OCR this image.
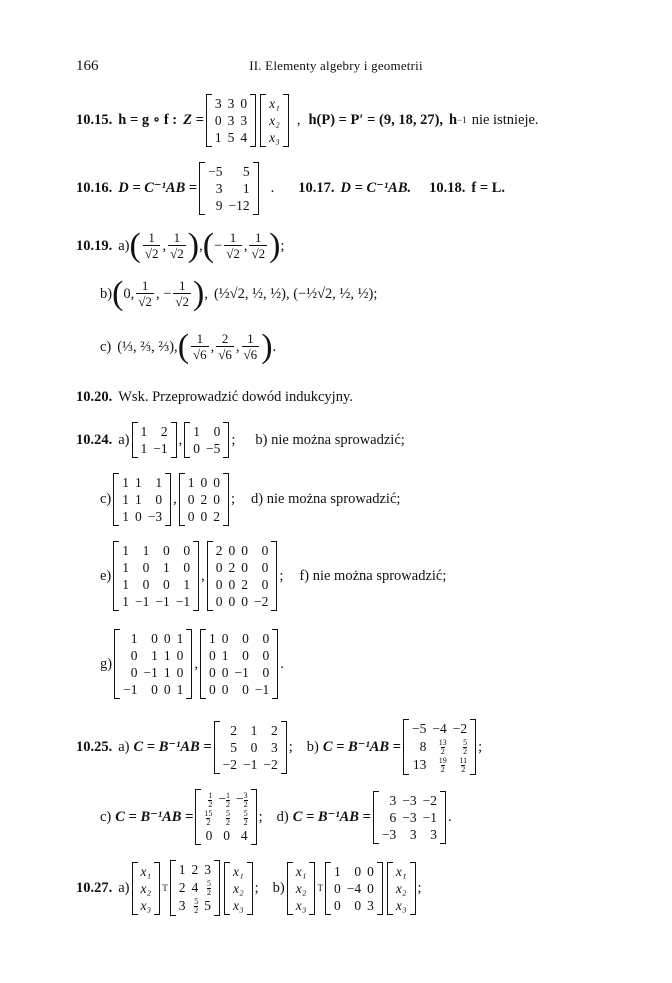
166	II. Elementy algebry i geometrii
10.15. h = g ∘ f : Z =
3	3	0
0	3	3
1	5	4
x₁
x₂
x₃
, h(P) = P′ = (9, 18, 27), h −1 nie istnieje.
10.16. D = C⁻¹AB =
−5	5
3	1
9	−12
. 10.17. D = C⁻¹AB. 10.18. f = L.
10.19. a) ( 1
√2 , 1
√2 ) , ( − 1
√2 , 1
√2 ) ;
b) ( 0 , 1
√2 , − 1
√2 ) , (½√2, ½, ½), (−½√2, ½, ½);
c) (⅓, ⅔, ⅔), ( 1
√6 , 2
√6 , 1
√6 ) .
10.20. Wsk. Przeprowadzić dowód indukcyjny.
10.24. a) 1	2
1	−1
, 1	0
0	−5
; b) nie można sprowadzić;
c)
1	1	1
1	1	0
1	0	−3
,
1	0	0
0	2	0
0	0	2
; d) nie można sprowadzić;
e)
1	1	0	0
1	0	1	0
1	0	0	1
1	−1	−1	−1
,
2	0	0	0
0	2	0	0
0	0	2	0
0	0	0	−2
; f) nie można sprowadzić;
g)
1	0	0	1
0	1	1	0
0	−1	1	0
−1	0	0	1
,
1	0	0	0
0	1	0	0
0	0	−1	0
0	0	0	−1
.
10.25. a) C = B⁻¹AB =
2	1	2
5	0	3
−2	−1	−2
; b) C = B⁻¹AB =
−5	−4	−2
8	$\frac{13}{2}$	$\frac{5}{2}$

13	$\frac{19}{2}$	$\frac{11}{2}$
;
c) C = B⁻¹AB =
$\frac{1}{2}$	− $\frac{1}{2}$	− $\frac{3}{2}$

$\frac{15}{2}$	$\frac{5}{2}$	$\frac{5}{2}$

0	0	4
; d) C = B⁻¹AB =
3	−3	−2
6	−3	−1
−3	3	3
.
10.27. a)
x₁
x₂
x₃
T
1	2	3
2	4	$\frac{5}{2}$

3	$\frac{5}{2}$	5
x₁
x₂
x₃
; b)
x₁
x₂
x₃
T
1	0	0
0	−4	0
0	0	3
x₁
x₂
x₃
;
